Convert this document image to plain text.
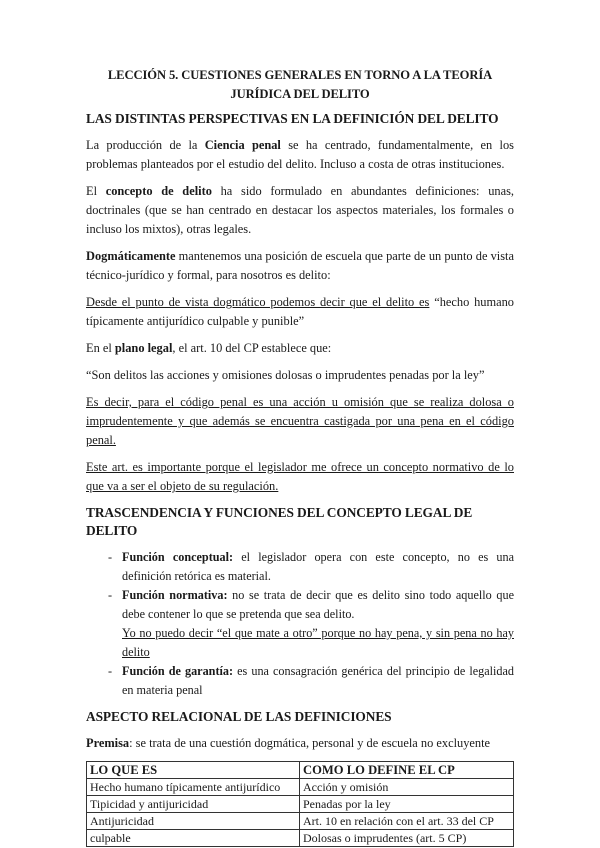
LECCIÓN 5. CUESTIONES GENERALES EN TORNO A LA TEORÍA JURÍDICA DEL DELITO
LAS DISTINTAS PERSPECTIVAS EN LA DEFINICIÓN DEL DELITO

La producción de la Ciencia penal se ha centrado, fundamentalmente, en los problemas planteados por el estudio del delito. Incluso a costa de otras instituciones.

El concepto de delito ha sido formulado en abundantes definiciones: unas, doctrinales (que se han centrado en destacar los aspectos materiales, los formales o incluso los mixtos), otras legales.

Dogmáticamente mantenemos una posición de escuela que parte de un punto de vista técnico-jurídico y formal, para nosotros es delito:

Desde el punto de vista dogmático podemos decir que el delito es “hecho humano típicamente antijurídico culpable y punible”

En el plano legal, el art. 10 del CP establece que:

“Son delitos las acciones y omisiones dolosas o imprudentes penadas por la ley”

Es decir, para el código penal es una acción u omisión que se realiza dolosa o imprudentemente y que además se encuentra castigada por una pena en el código penal.

Este art. es importante porque el legislador me ofrece un concepto normativo de lo que va a ser el objeto de su regulación.

TRASCENDENCIA Y FUNCIONES DEL CONCEPTO LEGAL DE DELITO
- Función conceptual: el legislador opera con este concepto, no es una definición retórica es material.
- Función normativa: no se trata de decir que es delito sino todo aquello que debe contener lo que se pretenda que sea delito.
Yo no puedo decir “el que mate a otro” porque no hay pena, y sin pena no hay delito
- Función de garantía: es una consagración genérica del principio de legalidad en materia penal
ASPECTO RELACIONAL DE LAS DEFINICIONES

Premisa: se trata de una cuestión dogmática, personal y de escuela no excluyente

LO QUE ES	COMO LO DEFINE EL CP
Hecho humano típicamente antijurídico	Acción y omisión
Tipicidad y antijuricidad	Penadas por la ley
Antijuricidad	Art. 10 en relación con el art. 33 del CP
culpable	Dolosas o imprudentes (art. 5 CP)
